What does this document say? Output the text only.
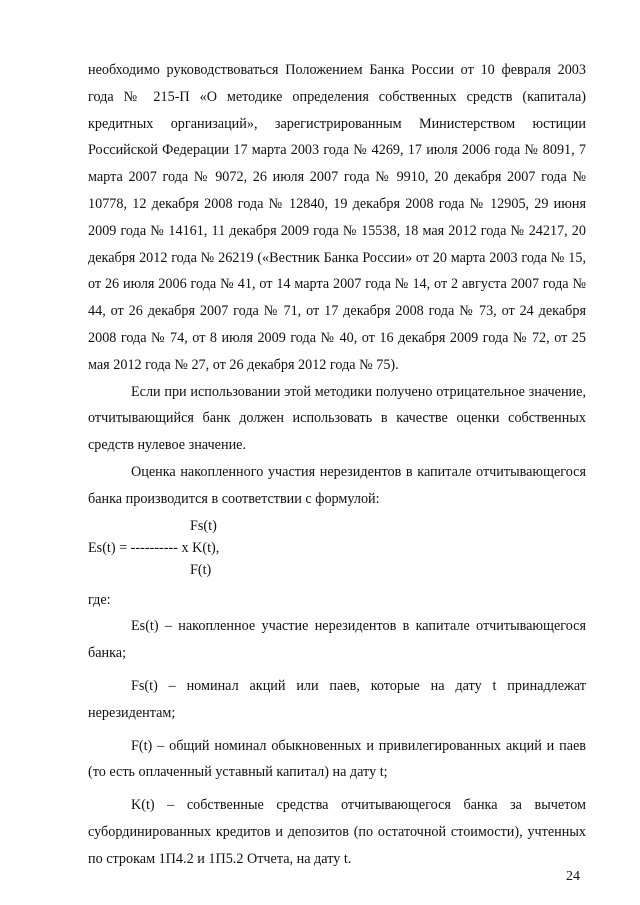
необходимо руководствоваться Положением Банка России от 10 февраля 2003 года № 215-П «О методике определения собственных средств (капитала) кредитных организаций», зарегистрированным Министерством юстиции Российской Федерации 17 марта 2003 года № 4269, 17 июля 2006 года № 8091, 7 марта 2007 года № 9072, 26 июля 2007 года № 9910, 20 декабря 2007 года № 10778, 12 декабря 2008 года № 12840, 19 декабря 2008 года № 12905, 29 июня 2009 года № 14161, 11 декабря 2009 года № 15538, 18 мая 2012 года № 24217, 20 декабря 2012 года № 26219 («Вестник Банка России» от 20 марта 2003 года № 15, от 26 июля 2006 года № 41, от 14 марта 2007 года № 14, от 2 августа 2007 года № 44, от 26 декабря 2007 года № 71, от 17 декабря 2008 года № 73, от 24 декабря 2008 года № 74, от 8 июля 2009 года № 40, от 16 декабря 2009 года № 72, от 25 мая 2012 года № 27, от 26 декабря 2012 года № 75).

Если при использовании этой методики получено отрицательное значение, отчитывающийся банк должен использовать в качестве оценки собственных средств нулевое значение.

Оценка накопленного участия нерезидентов в капитале отчитывающегося банка производится в соответствии с формулой:

Fs(t)
Es(t) = ---------- x K(t),
F(t)

где:

Es(t) – накопленное участие нерезидентов в капитале отчитывающегося банка;

Fs(t) – номинал акций или паев, которые на дату t принадлежат нерезидентам;

F(t) – общий номинал обыкновенных и привилегированных акций и паев (то есть оплаченный уставный капитал) на дату t;

K(t) – собственные средства отчитывающегося банка за вычетом субординированных кредитов и депозитов (по остаточной стоимости), учтенных по строкам 1П4.2 и 1П5.2 Отчета, на дату t.

24
